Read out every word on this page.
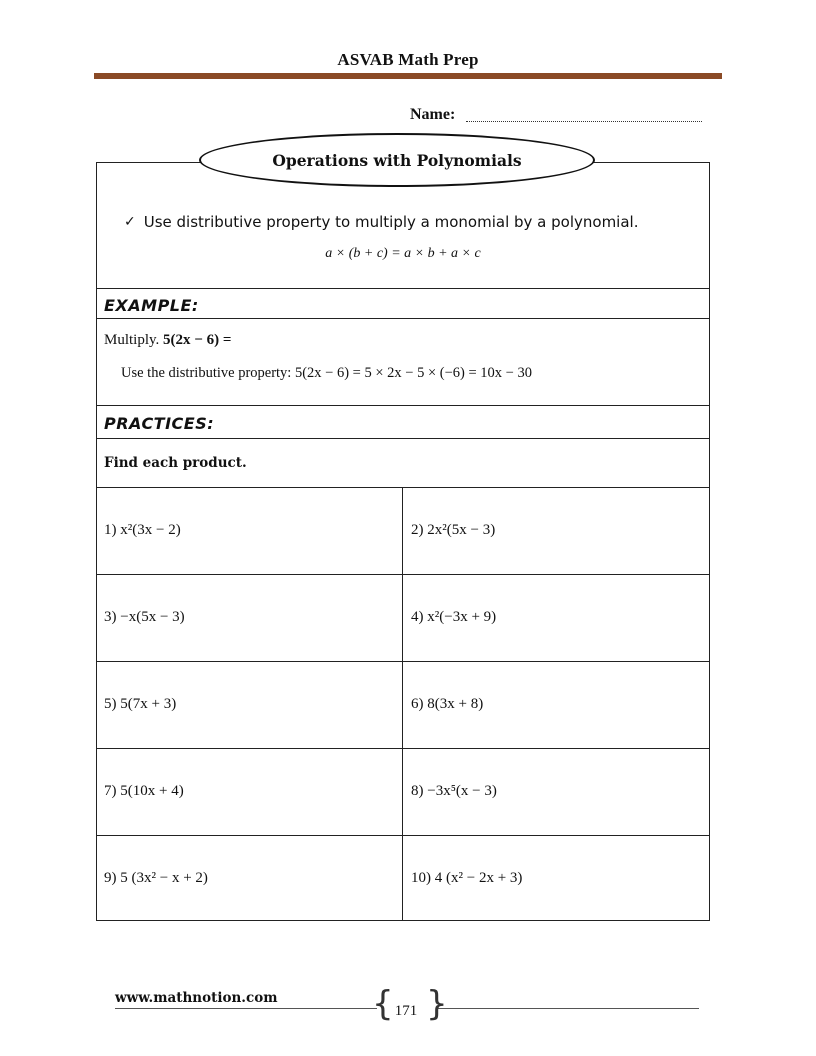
ASVAB Math Prep
Name:
Operations with Polynomials
✓ Use distributive property to multiply a monomial by a polynomial.
a × (b + c) = a × b + a × c
EXAMPLE:
Multiply. 5(2x − 6) =
Use the distributive property: 5(2x − 6) = 5 × 2x − 5 × (−6) = 10x − 30
PRACTICES:
Find each product.
1) x²(3x − 2)	2) 2x²(5x − 3)
3) −x(5x − 3)	4) x²(−3x + 9)
5) 5(7x + 3)	6) 8(3x + 8)
7) 5(10x + 4)	8) −3x⁵(x − 3)
9) 5 (3x² − x + 2)	10) 4 (x² − 2x + 3)
www.mathnotion.com	{ }
171
